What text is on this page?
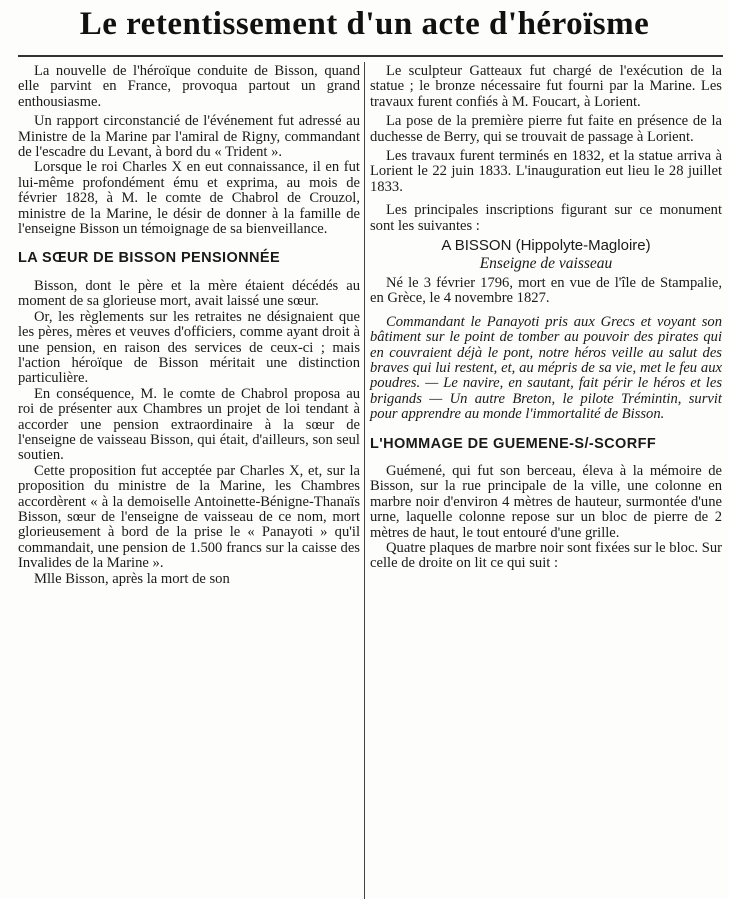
Le retentissement d'un acte d'héroïsme

La nouvelle de l'héroïque conduite de Bisson, quand elle parvint en France, provoqua partout un grand enthousiasme.

Un rapport circonstancié de l'événement fut adressé au Ministre de la Marine par l'amiral de Rigny, commandant de l'escadre du Levant, à bord du « Trident ».

Lorsque le roi Charles X en eut connaissance, il en fut lui-même profondément ému et exprima, au mois de février 1828, à M. le comte de Chabrol de Crouzol, ministre de la Marine, le désir de donner à la famille de l'enseigne Bisson un témoignage de sa bienveillance.

LA SŒUR DE BISSON PENSIONNÉE

Bisson, dont le père et la mère étaient décédés au moment de sa glorieuse mort, avait laissé une sœur.

Or, les règlements sur les retraites ne désignaient que les pères, mères et veuves d'officiers, comme ayant droit à une pension, en raison des services de ceux-ci ; mais l'action héroïque de Bisson méritait une distinction particulière.

En conséquence, M. le comte de Chabrol proposa au roi de présenter aux Chambres un projet de loi tendant à accorder une pension extraordinaire à la sœur de l'enseigne de vaisseau Bisson, qui était, d'ailleurs, son seul soutien.

Cette proposition fut acceptée par Charles X, et, sur la proposition du ministre de la Marine, les Chambres accordèrent « à la demoiselle Antoinette-Bénigne-Thanaïs Bisson, sœur de l'enseigne de vaisseau de ce nom, mort glorieusement à bord de la prise le « Panayoti » qu'il commandait, une pension de 1.500 francs sur la caisse des Invalides de la Marine ».

Mlle Bisson, après la mort de son

Le sculpteur Gatteaux fut chargé de l'exécution de la statue ; le bronze nécessaire fut fourni par la Marine. Les travaux furent confiés à M. Foucart, à Lorient.

La pose de la première pierre fut faite en présence de la duchesse de Berry, qui se trouvait de passage à Lorient.

Les travaux furent terminés en 1832, et la statue arriva à Lorient le 22 juin 1833. L'inauguration eut lieu le 28 juillet 1833.

Les principales inscriptions figurant sur ce monument sont les suivantes :

A BISSON (Hippolyte-Magloire)

Enseigne de vaisseau

Né le 3 février 1796, mort en vue de l'île de Stampalie, en Grèce, le 4 novembre 1827.

Commandant le Panayoti pris aux Grecs et voyant son bâtiment sur le point de tomber au pouvoir des pirates qui en couvraient déjà le pont, notre héros veille au salut des braves qui lui restent, et, au mépris de sa vie, met le feu aux poudres. — Le navire, en sautant, fait périr le héros et les brigands — Un autre Breton, le pilote Trémintin, survit pour apprendre au monde l'immortalité de Bisson.

L'HOMMAGE DE GUEMENE-S/-SCORFF

Guémené, qui fut son berceau, éleva à la mémoire de Bisson, sur la rue principale de la ville, une colonne en marbre noir d'environ 4 mètres de hauteur, surmontée d'une urne, laquelle colonne repose sur un bloc de pierre de 2 mètres de haut, le tout entouré d'une grille.

Quatre plaques de marbre noir sont fixées sur le bloc. Sur celle de droite on lit ce qui suit :
